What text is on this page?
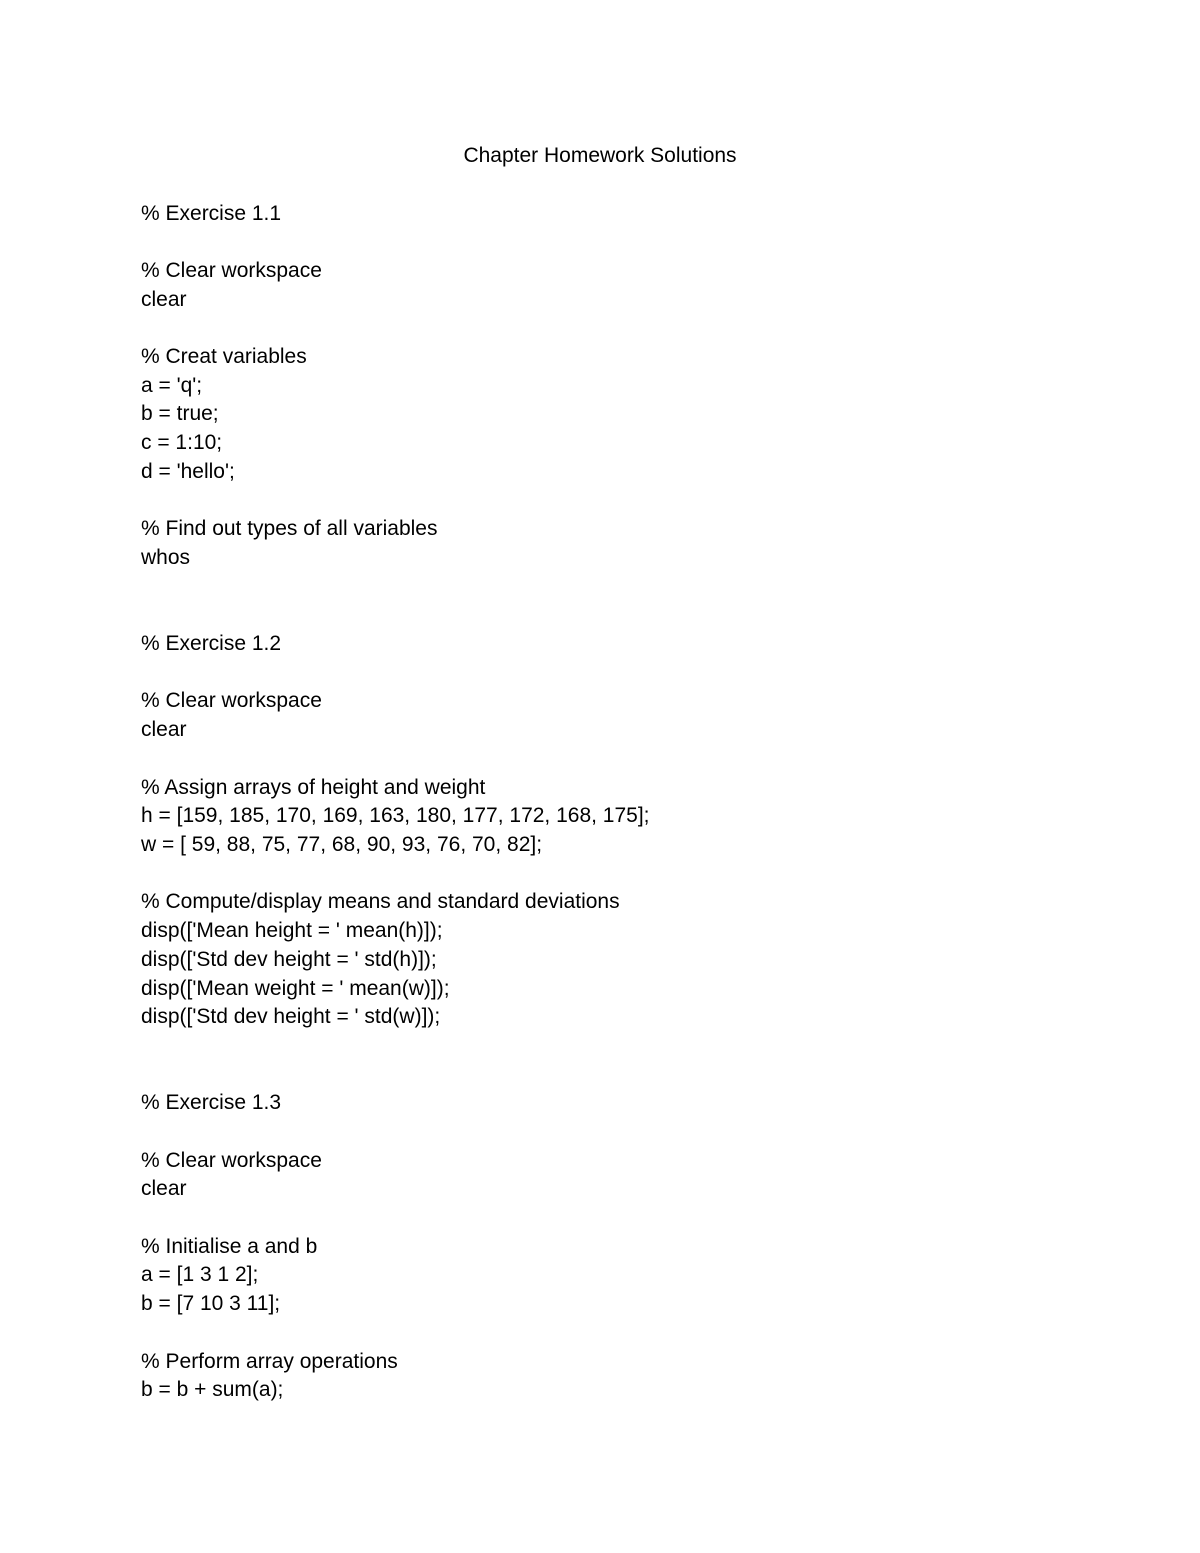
Chapter Homework Solutions
% Exercise 1.1
% Clear workspace
clear
% Creat variables
a = 'q';
b = true;
c = 1:10;
d = 'hello';
% Find out types of all variables
whos
% Exercise 1.2
% Clear workspace
clear
% Assign arrays of height and weight
h = [159, 185, 170, 169, 163, 180, 177, 172, 168, 175];
w = [ 59, 88, 75, 77, 68, 90, 93, 76, 70, 82];
% Compute/display means and standard deviations
disp(['Mean height = ' mean(h)]);
disp(['Std dev height = ' std(h)]);
disp(['Mean weight = ' mean(w)]);
disp(['Std dev height = ' std(w)]);
% Exercise 1.3
% Clear workspace
clear
% Initialise a and b
a = [1 3 1 2];
b = [7 10 3 11];
% Perform array operations
b = b + sum(a);
